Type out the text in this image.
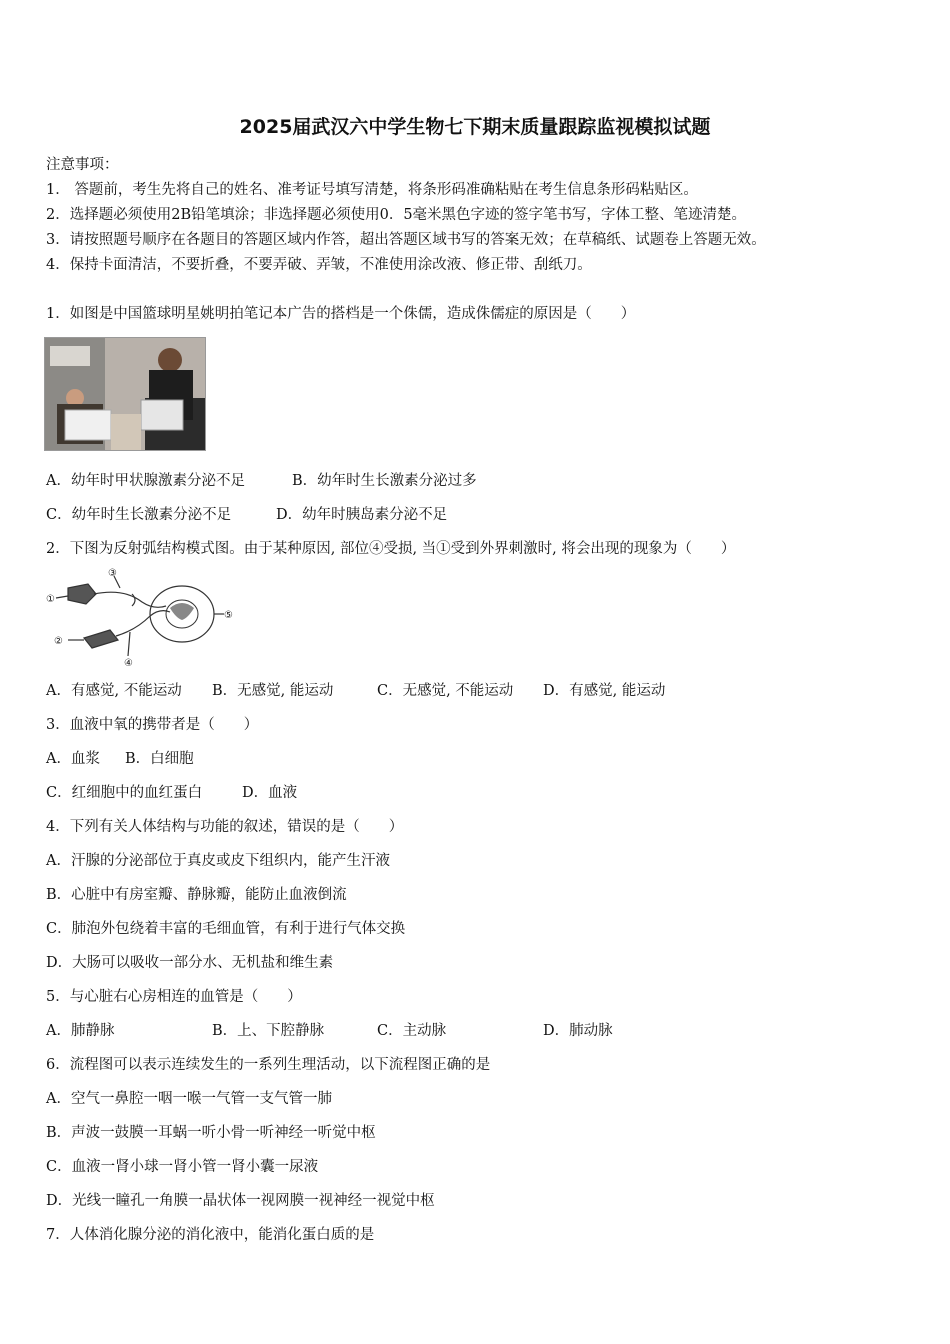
2025届武汉六中学生物七下期末质量跟踪监视模拟试题
注意事项：
1． 答题前，考生先将自己的姓名、准考证号填写清楚，将条形码准确粘贴在考生信息条形码粘贴区。
2．选择题必须使用2B铅笔填涂；非选择题必须使用0．5毫米黑色字迹的签字笔书写，字体工整、笔迹清楚。
3．请按照题号顺序在各题目的答题区域内作答，超出答题区域书写的答案无效；在草稿纸、试题卷上答题无效。
4．保持卡面清洁，不要折叠，不要弄破、弄皱，不准使用涂改液、修正带、刮纸刀。
1．如图是中国篮球明星姚明拍笔记本广告的搭档是一个侏儒，造成侏儒症的原因是（　　）
A．幼年时甲状腺激素分泌不足	B．幼年时生长激素分泌过多
C．幼年时生长激素分泌不足	D．幼年时胰岛素分泌不足
2．下图为反射弧结构模式图。由于某种原因, 部位④受损, 当①受到外界刺激时, 将会出现的现象为（　　）
①
②
③
④
⑤
A．有感觉, 不能运动 B．无感觉, 能运动	C．无感觉, 不能运动 D．有感觉, 能运动
3．血液中氧的携带者是（　　）
A．血浆 B．白细胞
C．红细胞中的血红蛋白	D．血液
4．下列有关人体结构与功能的叙述，错误的是（　　）
A．汗腺的分泌部位于真皮或皮下组织内，能产生汗液
B．心脏中有房室瓣、静脉瓣，能防止血液倒流
C．肺泡外包绕着丰富的毛细血管，有利于进行气体交换
D．大肠可以吸收一部分水、无机盐和维生素
5．与心脏右心房相连的血管是（　　）
A．肺静脉	B．上、下腔静脉	C．主动脉	D．肺动脉
6．流程图可以表示连续发生的一系列生理活动，以下流程图正确的是
A．空气一鼻腔一咽一喉一气管一支气管一肺
B．声波一鼓膜一耳蜗一听小骨一听神经一听觉中枢
C．血液一肾小球一肾小管一肾小囊一尿液
D．光线一瞳孔一角膜一晶状体一视网膜一视神经一视觉中枢
7．人体消化腺分泌的消化液中，能消化蛋白质的是
